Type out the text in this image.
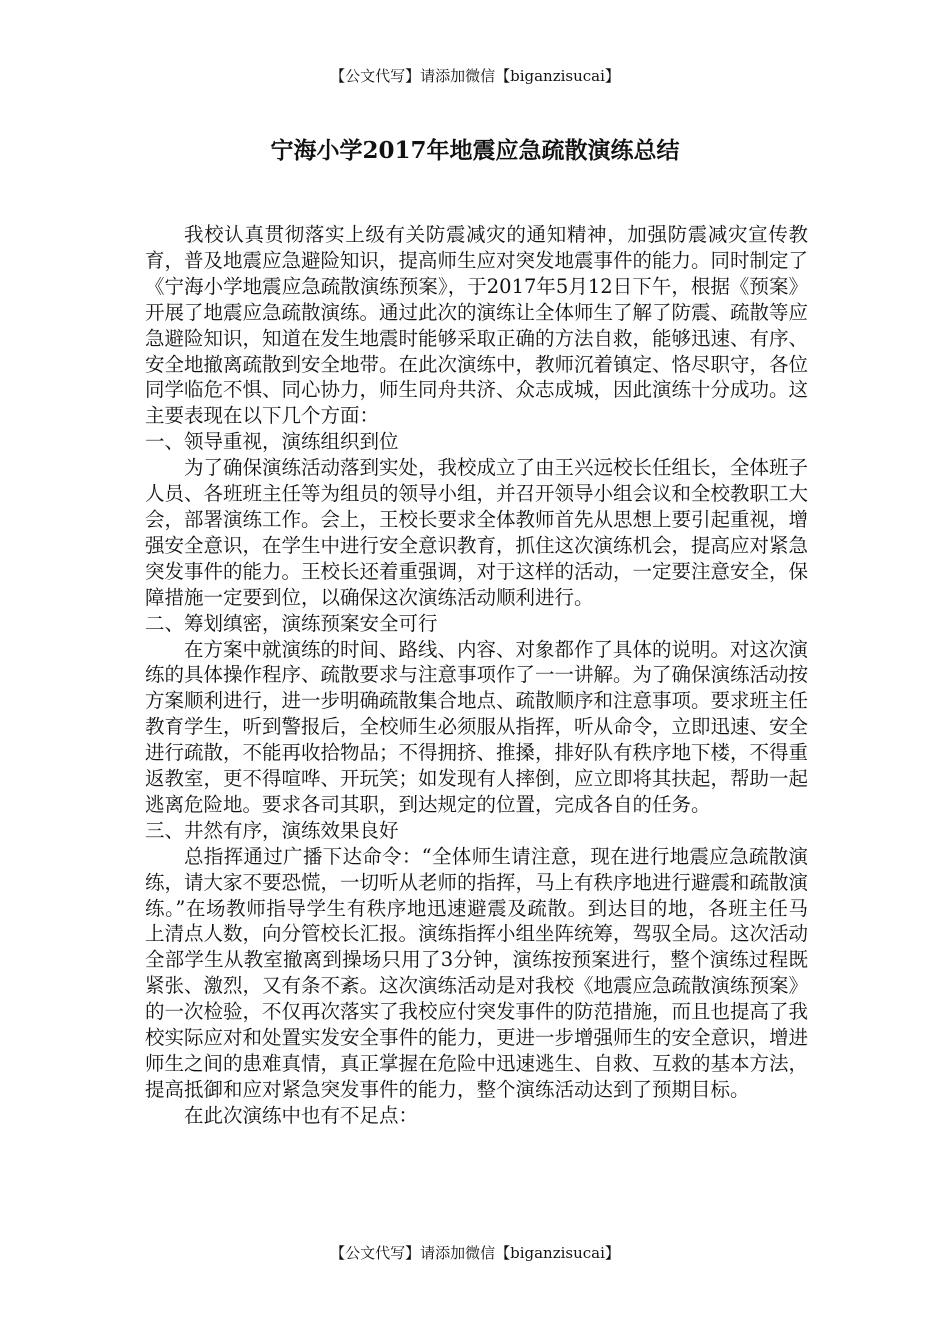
【公文代写】请添加微信【biganzisucai】
宁海小学2017年地震应急疏散演练总结

我校认真贯彻落实上级有关防震减灾的通知精神，加强防震减灾宣传教育，普及地震应急避险知识，提高师生应对突发地震事件的能力。同时制定了《宁海小学地震应急疏散演练预案》，于2017年5月12日下午，根据《预案》开展了地震应急疏散演练。通过此次的演练让全体师生了解了防震、疏散等应急避险知识，知道在发生地震时能够采取正确的方法自救，能够迅速、有序、安全地撤离疏散到安全地带。在此次演练中，教师沉着镇定、恪尽职守，各位同学临危不惧、同心协力，师生同舟共济、众志成城，因此演练十分成功。这主要表现在以下几个方面：

一、领导重视，演练组织到位

为了确保演练活动落到实处，我校成立了由王兴远校长任组长，全体班子人员、各班班主任等为组员的领导小组，并召开领导小组会议和全校教职工大会，部署演练工作。会上，王校长要求全体教师首先从思想上要引起重视，增强安全意识，在学生中进行安全意识教育，抓住这次演练机会，提高应对紧急突发事件的能力。王校长还着重强调，对于这样的活动，一定要注意安全，保障措施一定要到位，以确保这次演练活动顺利进行。

二、筹划缜密，演练预案安全可行

在方案中就演练的时间、路线、内容、对象都作了具体的说明。对这次演练的具体操作程序、疏散要求与注意事项作了一一讲解。为了确保演练活动按方案顺利进行，进一步明确疏散集合地点、疏散顺序和注意事项。要求班主任教育学生，听到警报后，全校师生必须服从指挥，听从命令，立即迅速、安全进行疏散，不能再收拾物品；不得拥挤、推搡，排好队有秩序地下楼，不得重返教室，更不得喧哗、开玩笑；如发现有人摔倒，应立即将其扶起，帮助一起逃离危险地。要求各司其职，到达规定的位置，完成各自的任务。

三、井然有序，演练效果良好

总指挥通过广播下达命令：“全体师生请注意，现在进行地震应急疏散演练，请大家不要恐慌，一切听从老师的指挥，马上有秩序地进行避震和疏散演练。”在场教师指导学生有秩序地迅速避震及疏散。到达目的地，各班主任马上清点人数，向分管校长汇报。演练指挥小组坐阵统筹，驾驭全局。这次活动全部学生从教室撤离到操场只用了3分钟，演练按预案进行，整个演练过程既紧张、激烈，又有条不紊。这次演练活动是对我校《地震应急疏散演练预案》的一次检验，不仅再次落实了我校应付突发事件的防范措施，而且也提高了我校实际应对和处置实发安全事件的能力，更进一步增强师生的安全意识，增进师生之间的患难真情，真正掌握在危险中迅速逃生、自救、互救的基本方法，提高抵御和应对紧急突发事件的能力，整个演练活动达到了预期目标。

在此次演练中也有不足点：

【公文代写】请添加微信【biganzisucai】
